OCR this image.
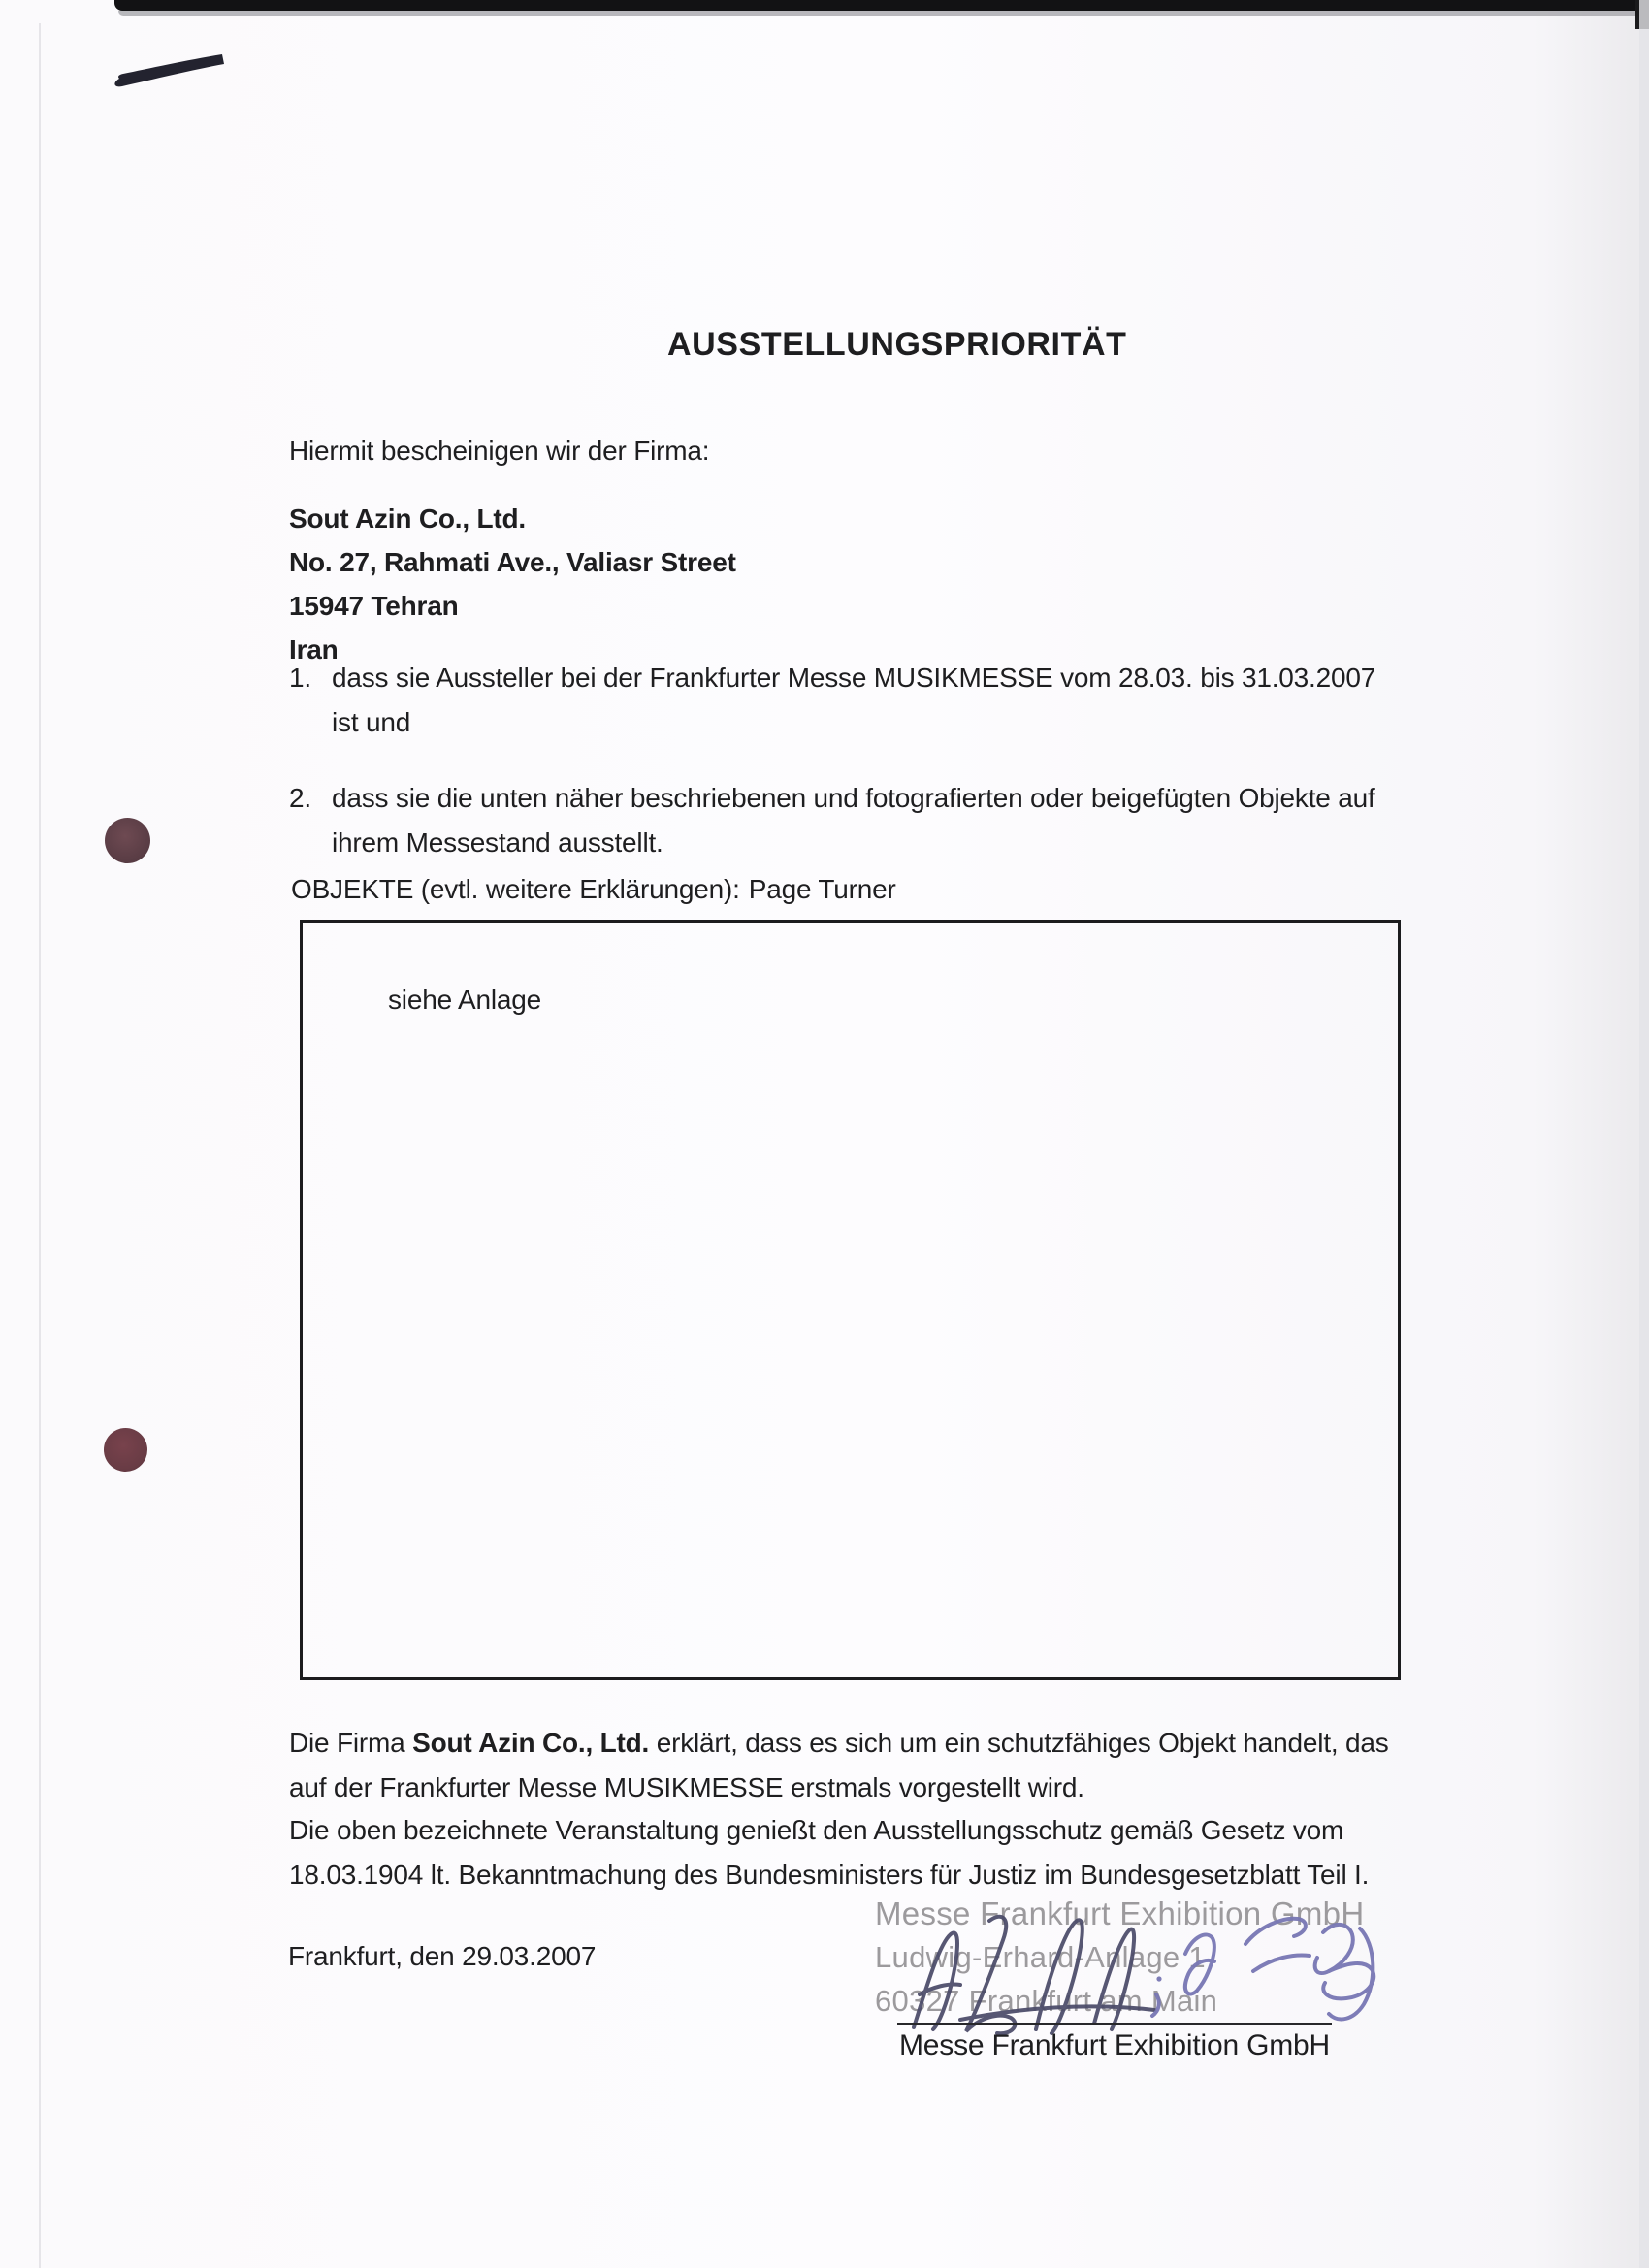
AUSSTELLUNGSPRIORITÄT
Hiermit bescheinigen wir der Firma:
Sout Azin Co., Ltd.
No. 27, Rahmati Ave., Valiasr Street
15947 Tehran
Iran
1. dass sie Aussteller bei der Frankfurter Messe MUSIKMESSE vom 28.03. bis 31.03.2007
ist und
2. dass sie die unten näher beschriebenen und fotografierten oder beigefügten Objekte auf
ihrem Messestand ausstellt.
OBJEKTE (evtl. weitere Erklärungen): Page Turner
siehe Anlage
Die Firma Sout Azin Co., Ltd. erklärt, dass es sich um ein schutzfähiges Objekt handelt, das
auf der Frankfurter Messe MUSIKMESSE erstmals vorgestellt wird.
Die oben bezeichnete Veranstaltung genießt den Ausstellungsschutz gemäß Gesetz vom
18.03.1904 lt. Bekanntmachung des Bundesministers für Justiz im Bundesgesetzblatt Teil I.
Frankfurt, den 29.03.2007
Messe Frankfurt Exhibition GmbH
Ludwig-Erhard-Anlage 1
60327 Frankfurt am Main
Messe Frankfurt Exhibition GmbH
